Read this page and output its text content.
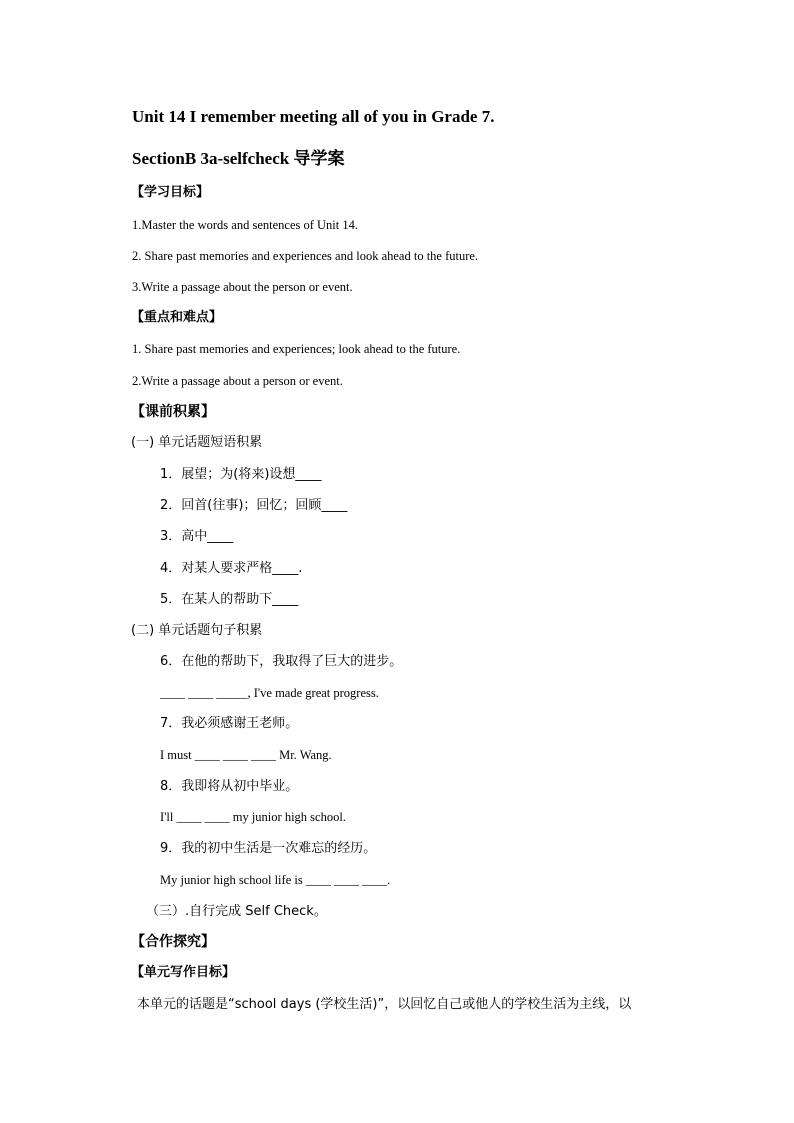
Unit 14 I remember meeting all of you in Grade 7.
SectionB 3a-selfcheck 导学案
【学习目标】
1.Master the words and sentences of Unit 14.
2. Share past memories and experiences and look ahead to the future.
3.Write a passage about the person or event.
【重点和难点】
1. Share past memories and experiences; look ahead to the future.
2.Write a passage about a person or event.
【课前积累】
(一) 单元话题短语积累
1．展望；为(将来)设想____
2．回首(往事)；回忆；回顾____
3．高中____
4．对某人要求严格____.
5．在某人的帮助下____
(二) 单元话题句子积累
6．在他的帮助下，我取得了巨大的进步。
____ ____ _____, I've made great progress.
7．我必须感谢王老师。
I must ____ ____ ____ Mr. Wang.
8．我即将从初中毕业。
I'll ____ ____ my junior high school.
9．我的初中生活是一次难忘的经历。
My junior high school life is ____ ____ ____.
（三）.自行完成 Self Check。
【合作探究】
【单元写作目标】
本单元的话题是“school days (学校生活)”，以回忆自己或他人的学校生活为主线，以
